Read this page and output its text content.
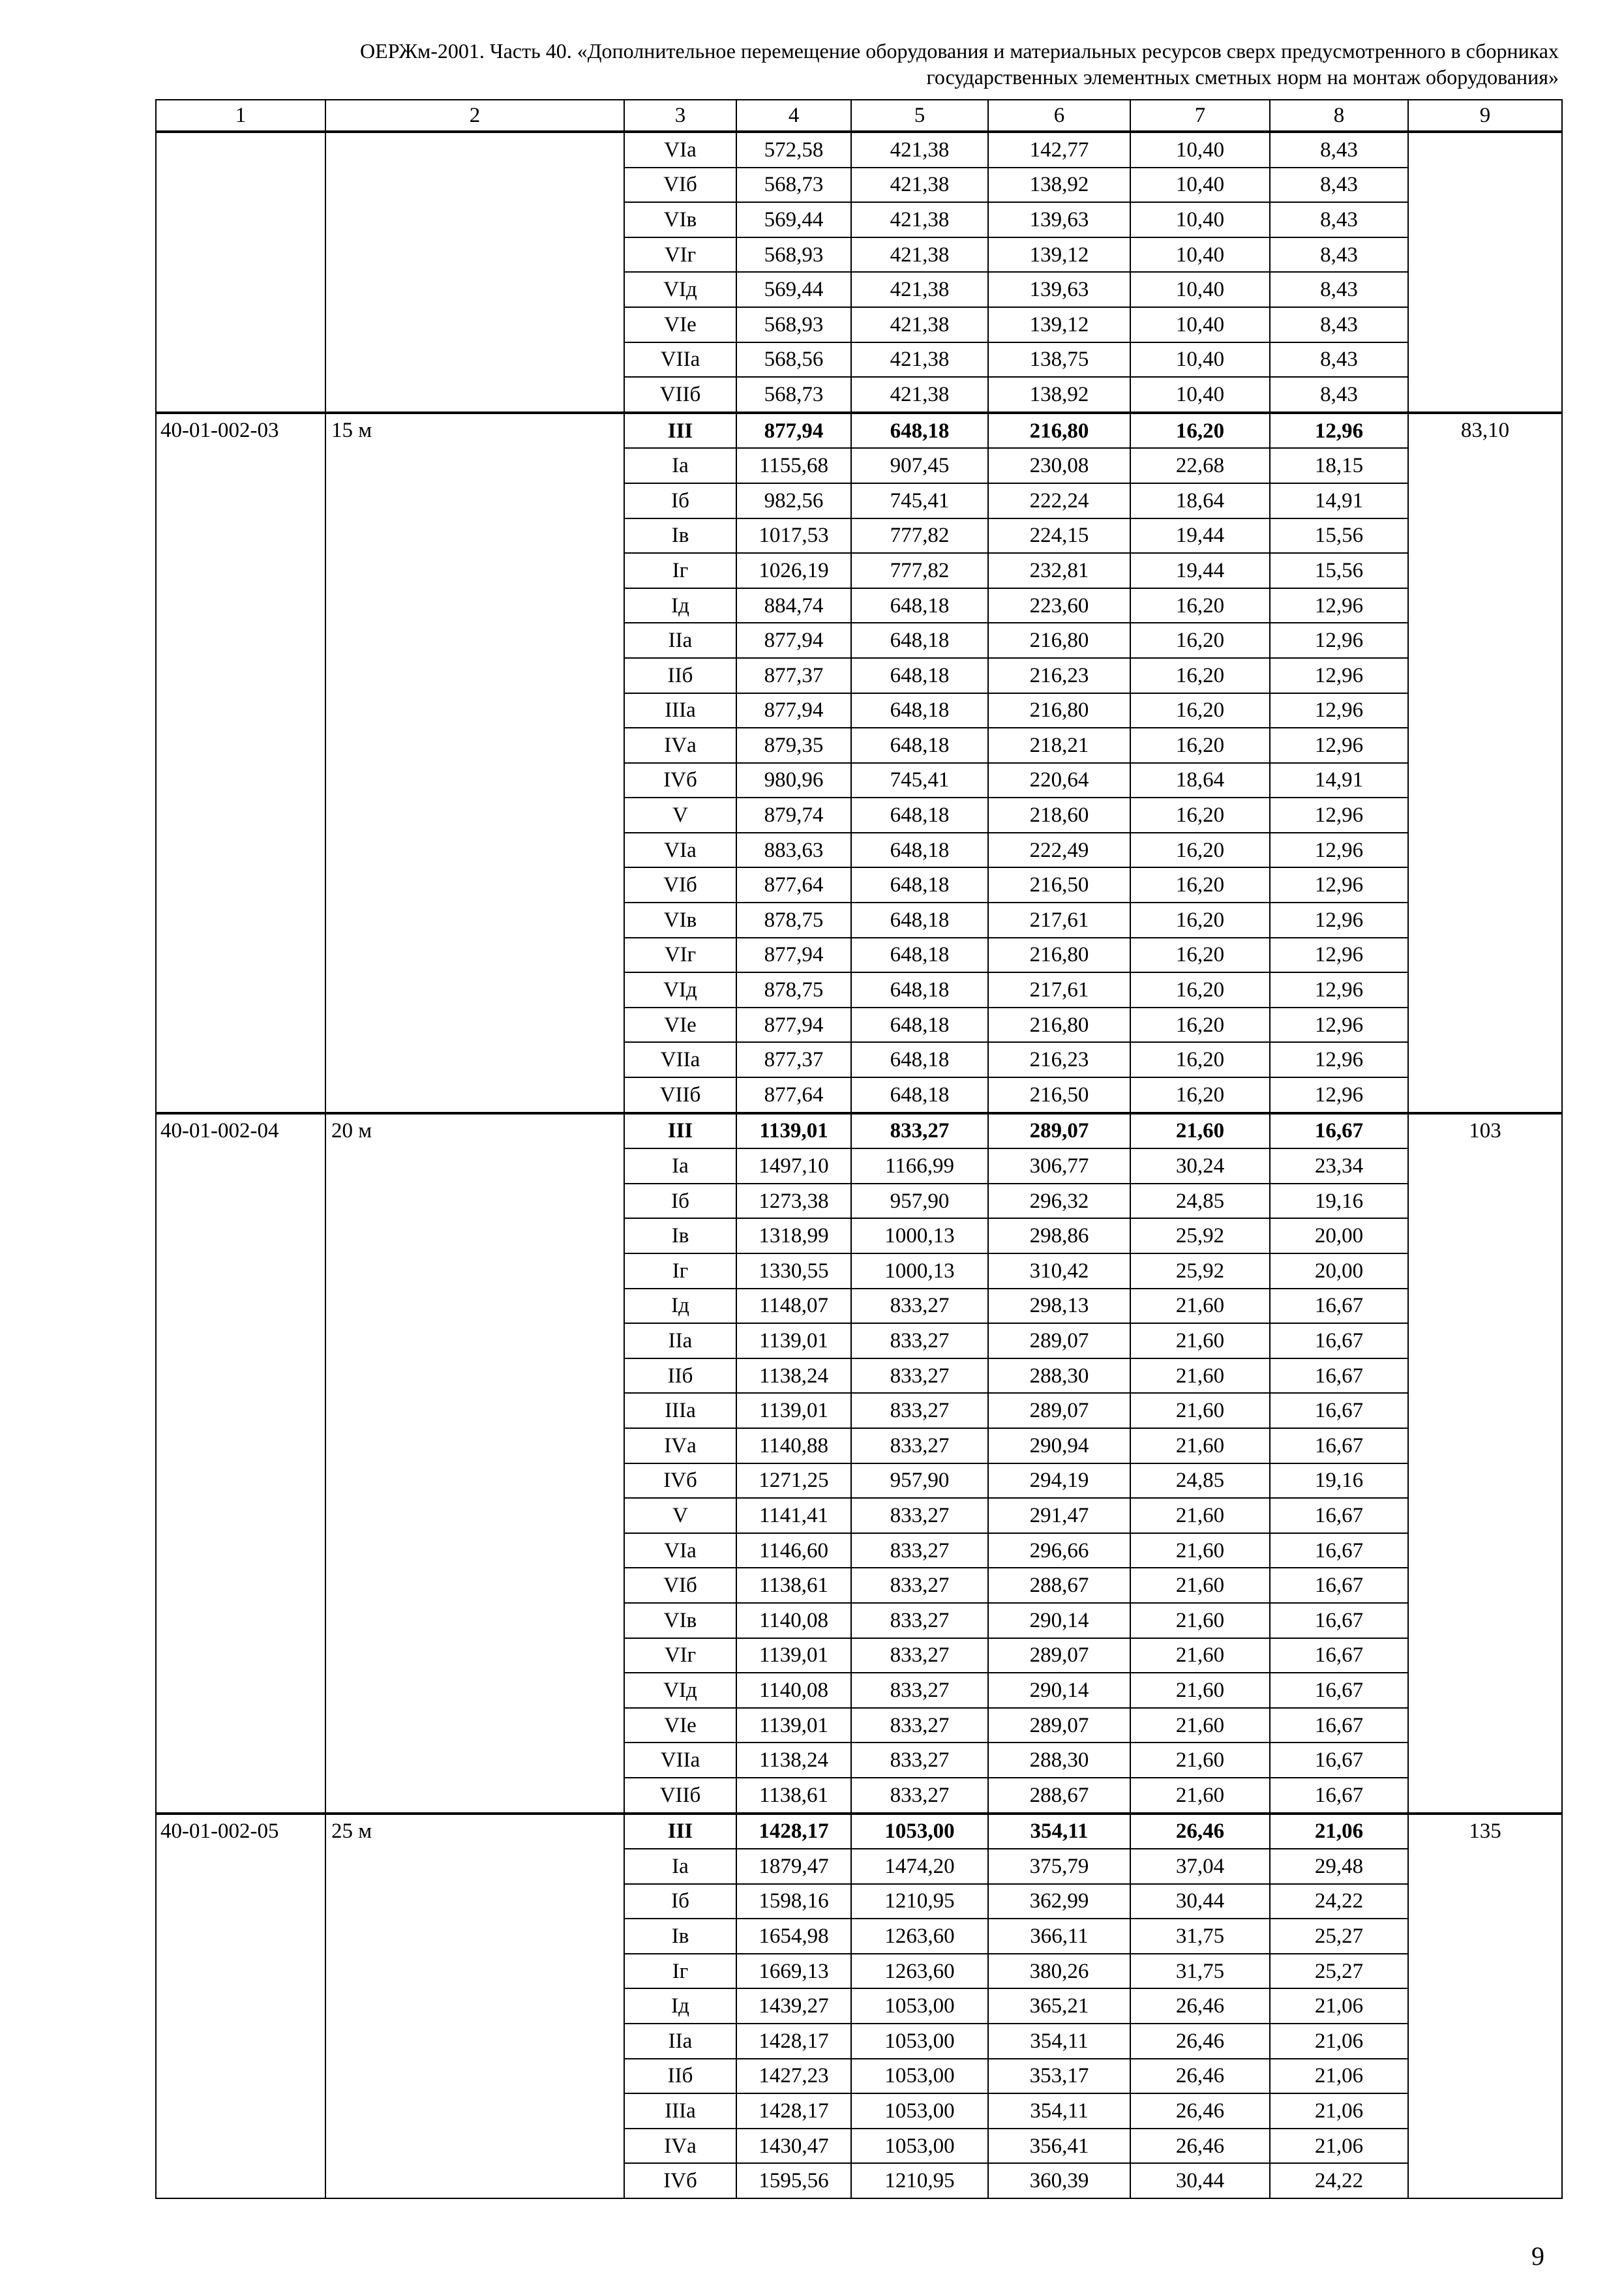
ОЕРЖм-2001. Часть 40. «Дополнительное перемещение оборудования и материальных ресурсов сверх предусмотренного в сборниках
государственных элементных сметных норм на монтаж оборудования»
1	2	3	4	5	6	7	8	9
		VIа	572,58	421,38	142,77	10,40	8,43	
		VIб	568,73	421,38	138,92	10,40	8,43	
		VIв	569,44	421,38	139,63	10,40	8,43	
		VIг	568,93	421,38	139,12	10,40	8,43	
		VIд	569,44	421,38	139,63	10,40	8,43	
		VIе	568,93	421,38	139,12	10,40	8,43	
		VIIа	568,56	421,38	138,75	10,40	8,43	
		VIIб	568,73	421,38	138,92	10,40	8,43	
40-01-002-03	15 м	III	877,94	648,18	216,80	16,20	12,96	83,10
		Iа	1155,68	907,45	230,08	22,68	18,15	
		Iб	982,56	745,41	222,24	18,64	14,91	
		Iв	1017,53	777,82	224,15	19,44	15,56	
		Iг	1026,19	777,82	232,81	19,44	15,56	
		Iд	884,74	648,18	223,60	16,20	12,96	
		IIа	877,94	648,18	216,80	16,20	12,96	
		IIб	877,37	648,18	216,23	16,20	12,96	
		IIIа	877,94	648,18	216,80	16,20	12,96	
		IVа	879,35	648,18	218,21	16,20	12,96	
		IVб	980,96	745,41	220,64	18,64	14,91	
		V	879,74	648,18	218,60	16,20	12,96	
		VIа	883,63	648,18	222,49	16,20	12,96	
		VIб	877,64	648,18	216,50	16,20	12,96	
		VIв	878,75	648,18	217,61	16,20	12,96	
		VIг	877,94	648,18	216,80	16,20	12,96	
		VIд	878,75	648,18	217,61	16,20	12,96	
		VIе	877,94	648,18	216,80	16,20	12,96	
		VIIа	877,37	648,18	216,23	16,20	12,96	
		VIIб	877,64	648,18	216,50	16,20	12,96	
40-01-002-04	20 м	III	1139,01	833,27	289,07	21,60	16,67	103
		Iа	1497,10	1166,99	306,77	30,24	23,34	
		Iб	1273,38	957,90	296,32	24,85	19,16	
		Iв	1318,99	1000,13	298,86	25,92	20,00	
		Iг	1330,55	1000,13	310,42	25,92	20,00	
		Iд	1148,07	833,27	298,13	21,60	16,67	
		IIа	1139,01	833,27	289,07	21,60	16,67	
		IIб	1138,24	833,27	288,30	21,60	16,67	
		IIIа	1139,01	833,27	289,07	21,60	16,67	
		IVа	1140,88	833,27	290,94	21,60	16,67	
		IVб	1271,25	957,90	294,19	24,85	19,16	
		V	1141,41	833,27	291,47	21,60	16,67	
		VIа	1146,60	833,27	296,66	21,60	16,67	
		VIб	1138,61	833,27	288,67	21,60	16,67	
		VIв	1140,08	833,27	290,14	21,60	16,67	
		VIг	1139,01	833,27	289,07	21,60	16,67	
		VIд	1140,08	833,27	290,14	21,60	16,67	
		VIе	1139,01	833,27	289,07	21,60	16,67	
		VIIа	1138,24	833,27	288,30	21,60	16,67	
		VIIб	1138,61	833,27	288,67	21,60	16,67	
40-01-002-05	25 м	III	1428,17	1053,00	354,11	26,46	21,06	135
		Iа	1879,47	1474,20	375,79	37,04	29,48	
		Iб	1598,16	1210,95	362,99	30,44	24,22	
		Iв	1654,98	1263,60	366,11	31,75	25,27	
		Iг	1669,13	1263,60	380,26	31,75	25,27	
		Iд	1439,27	1053,00	365,21	26,46	21,06	
		IIа	1428,17	1053,00	354,11	26,46	21,06	
		IIб	1427,23	1053,00	353,17	26,46	21,06	
		IIIа	1428,17	1053,00	354,11	26,46	21,06	
		IVа	1430,47	1053,00	356,41	26,46	21,06	
		IVб	1595,56	1210,95	360,39	30,44	24,22	
9
